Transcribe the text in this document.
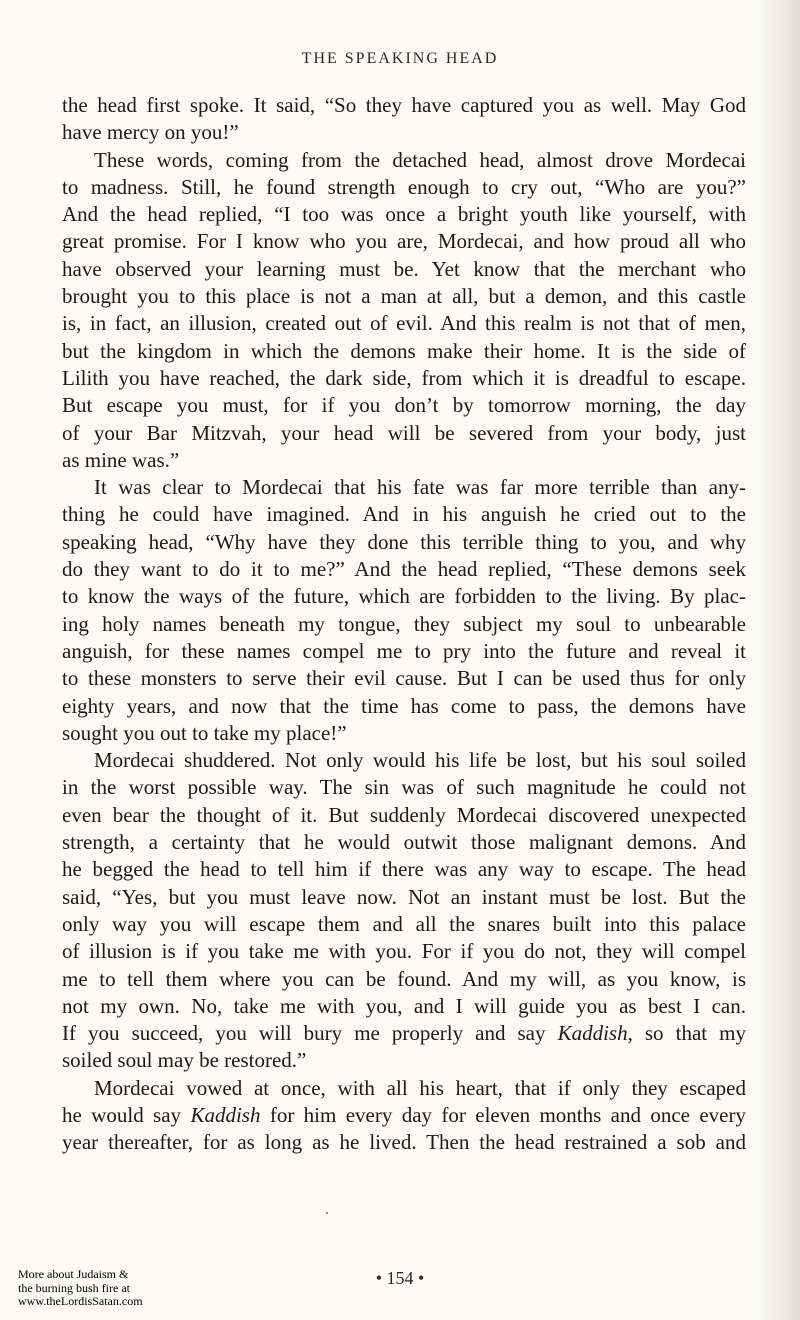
THE SPEAKING HEAD
the head first spoke. It said, “So they have captured you as well. May God
have mercy on you!”
These words, coming from the detached head, almost drove Mordecai
to madness. Still, he found strength enough to cry out, “Who are you?”
And the head replied, “I too was once a bright youth like yourself, with
great promise. For I know who you are, Mordecai, and how proud all who
have observed your learning must be. Yet know that the merchant who
brought you to this place is not a man at all, but a demon, and this castle
is, in fact, an illusion, created out of evil. And this realm is not that of men,
but the kingdom in which the demons make their home. It is the side of
Lilith you have reached, the dark side, from which it is dreadful to escape.
But escape you must, for if you don’t by tomorrow morning, the day
of your Bar Mitzvah, your head will be severed from your body, just
as mine was.”
It was clear to Mordecai that his fate was far more terrible than any-
thing he could have imagined. And in his anguish he cried out to the
speaking head, “Why have they done this terrible thing to you, and why
do they want to do it to me?” And the head replied, “These demons seek
to know the ways of the future, which are forbidden to the living. By plac-
ing holy names beneath my tongue, they subject my soul to unbearable
anguish, for these names compel me to pry into the future and reveal it
to these monsters to serve their evil cause. But I can be used thus for only
eighty years, and now that the time has come to pass, the demons have
sought you out to take my place!”
Mordecai shuddered. Not only would his life be lost, but his soul soiled
in the worst possible way. The sin was of such magnitude he could not
even bear the thought of it. But suddenly Mordecai discovered unexpected
strength, a certainty that he would outwit those malignant demons. And
he begged the head to tell him if there was any way to escape. The head
said, “Yes, but you must leave now. Not an instant must be lost. But the
only way you will escape them and all the snares built into this palace
of illusion is if you take me with you. For if you do not, they will compel
me to tell them where you can be found. And my will, as you know, is
not my own. No, take me with you, and I will guide you as best I can.
If you succeed, you will bury me properly and say Kaddish, so that my
soiled soul may be restored.”
Mordecai vowed at once, with all his heart, that if only they escaped
he would say Kaddish for him every day for eleven months and once every
year thereafter, for as long as he lived. Then the head restrained a sob and
• 154 •
More about Judaism &
the burning bush fire at
www.theLordisSatan.com
